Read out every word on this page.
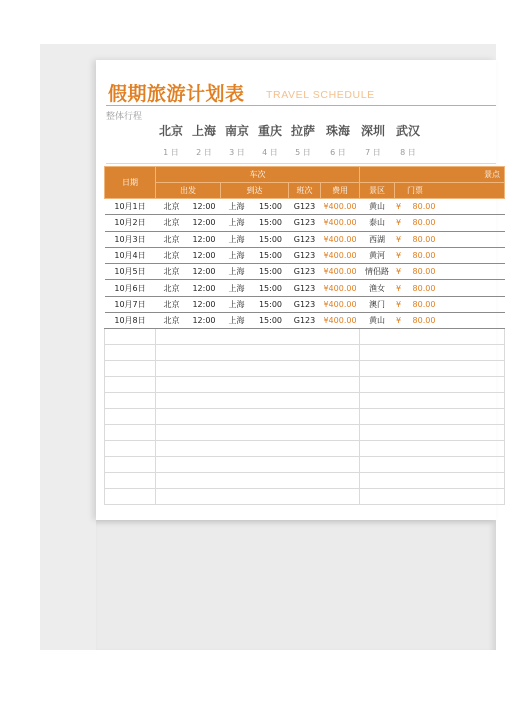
假期旅游计划表 TRAVEL SCHEDULE
整体行程
北京
1 日
上海
2 日
南京
3 日
重庆
4 日
拉萨
5 日
珠海
6 日
深圳
7 日
武汉
8 日
日期	车次						景点		
	出发		到达		班次	费用	景区	门票	
10月1日	北京	12:00	上海	15:00	G123	¥400.00	黄山	¥	80.00
10月2日	北京	12:00	上海	15:00	G123	¥400.00	泰山	¥	80.00
10月3日	北京	12:00	上海	15:00	G123	¥400.00	西湖	¥	80.00
10月4日	北京	12:00	上海	15:00	G123	¥400.00	黄河	¥	80.00
10月5日	北京	12:00	上海	15:00	G123	¥400.00	情侣路	¥	80.00
10月6日	北京	12:00	上海	15:00	G123	¥400.00	渔女	¥	80.00
10月7日	北京	12:00	上海	15:00	G123	¥400.00	澳门	¥	80.00
10月8日	北京	12:00	上海	15:00	G123	¥400.00	黄山	¥	80.00
